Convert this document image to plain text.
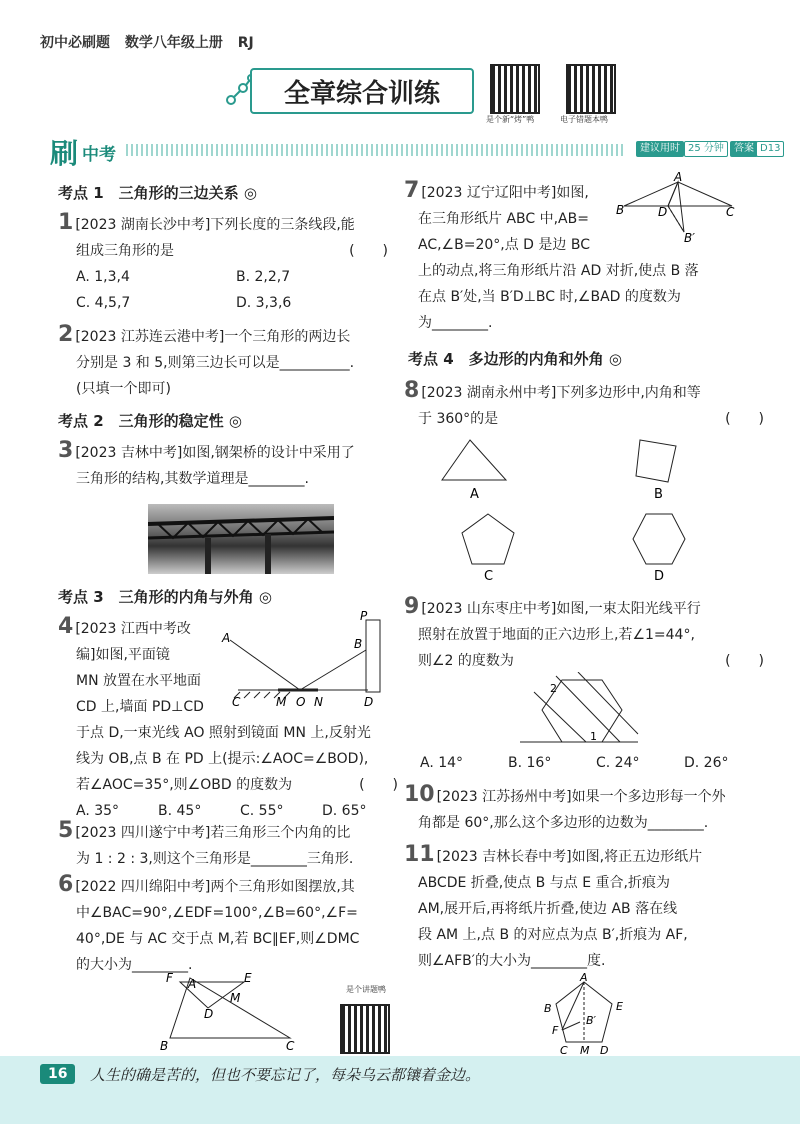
初中必刷题 数学八年级上册 RJ
全章综合训练
是个新“烤”鸭	电子错题本鸭
刷 中考	建议用时 25 分钟	答案 D13
考点 1　三角形的三边关系 ◎
1 [2023 湖南长沙中考]下列长度的三条线段,能
组成三角形的是	(　　)
A. 1,3,4	B. 2,2,7
C. 4,5,7	D. 3,3,6
2 [2023 江苏连云港中考]一个三角形的两边长
分别是 3 和 5,则第三边长可以是__________.
(只填一个即可)
考点 2　三角形的稳定性 ◎
3 [2023 吉林中考]如图,钢架桥的设计中采用了
三角形的结构,其数学道理是________.
考点 3　三角形的内角与外角 ◎
4 [2023 江西中考改
编]如图,平面镜
MN 放置在水平地面
CD 上,墙面 PD⊥CD
于点 D,一束光线 AO 照射到镜面 MN 上,反射光
线为 OB,点 B 在 PD 上(提示:∠AOC=∠BOD),
若∠AOC=35°,则∠OBD 的度数为	(　　)
A. 35°	B. 45°	C. 55°	D. 65°
A	B
P
C	M O N	D
5 [2023 四川遂宁中考]若三角形三个内角的比
为 1 : 2 : 3,则这个三角形是________三角形.
6 [2022 四川绵阳中考]两个三角形如图摆放,其
中∠BAC=90°,∠EDF=100°,∠B=60°,∠F=
40°,DE 与 AC 交于点 M,若 BC∥EF,则∠DMC
的大小为________.
F A	E
M
D
B	C
是个讲题鸭
7 [2023 辽宁辽阳中考]如图,
在三角形纸片 ABC 中,AB=
AC,∠B=20°,点 D 是边 BC
上的动点,将三角形纸片沿 AD 对折,使点 B 落
在点 B′处,当 B′D⊥BC 时,∠BAD 的度数为
为________.
A
B	D	C
B′
考点 4　多边形的内角和外角 ◎
8 [2023 湖南永州中考]下列多边形中,内角和等
于 360°的是	(　　)
A	B
C	D
9 [2023 山东枣庄中考]如图,一束太阳光线平行
照射在放置于地面的正六边形上,若∠1=44°,
则∠2 的度数为	(　　)
2
1
A. 14°	B. 16°	C. 24°	D. 26°
10 [2023 江苏扬州中考]如果一个多边形每一个外
角都是 60°,那么这个多边形的边数为________.
11 [2023 吉林长春中考]如图,将正五边形纸片
ABCDE 折叠,使点 B 与点 E 重合,折痕为
AM,展开后,再将纸片折叠,使边 AB 落在线
段 AM 上,点 B 的对应点为点 B′,折痕为 AF,
则∠AFB′的大小为________度.
A
B	E
B′
F
C M D
16	人生的确是苦的，但也不要忘记了，每朵乌云都镶着金边。
